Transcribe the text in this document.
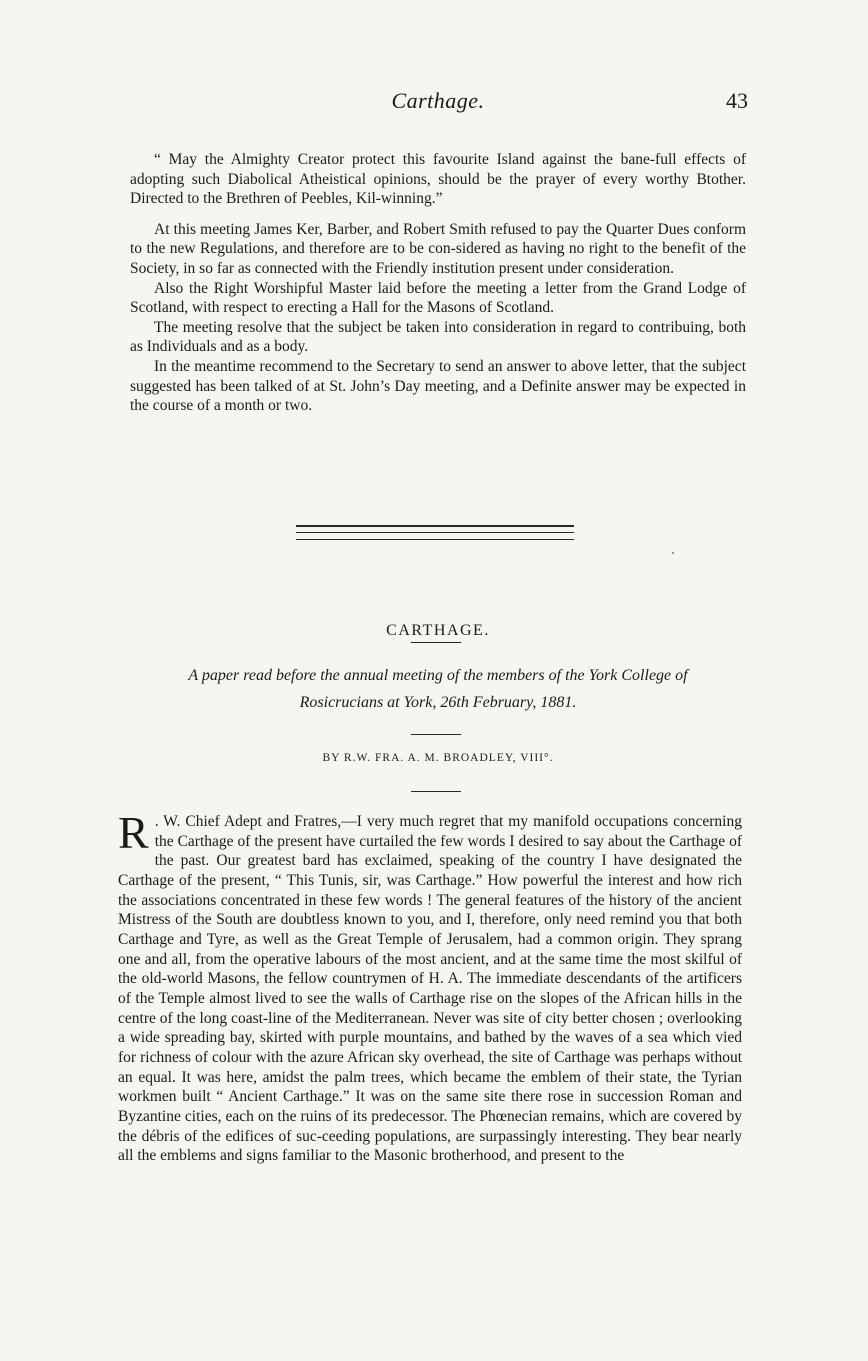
Carthage.	43

“ May the Almighty Creator protect this favourite Island against the bane-full effects of adopting such Diabolical Atheistical opinions, should be the prayer of every worthy Btother. Directed to the Brethren of Peebles, Kil-winning.”

At this meeting James Ker, Barber, and Robert Smith refused to pay the Quarter Dues conform to the new Regulations, and therefore are to be con-sidered as having no right to the benefit of the Society, in so far as connected with the Friendly institution present under consideration.

Also the Right Worshipful Master laid before the meeting a letter from the Grand Lodge of Scotland, with respect to erecting a Hall for the Masons of Scotland.

The meeting resolve that the subject be taken into consideration in regard to contribuing, both as Individuals and as a body.

In the meantime recommend to the Secretary to send an answer to above letter, that the subject suggested has been talked of at St. John’s Day meeting, and a Definite answer may be expected in the course of a month or two.

CARTHAGE.
A paper read before the annual meeting of the members of the York College of
Rosicrucians at York, 26th February, 1881.
BY R.W. FRA. A. M. BROADLEY, VIII°.
R . W. Chief Adept and Fratres,—I very much regret that my manifold occupations concerning the Carthage of the present have curtailed the few words I desired to say about the Carthage of the past. Our greatest bard has exclaimed, speaking of the country I have designated the Carthage of the present, “ This Tunis, sir, was Carthage.” How powerful the interest and how rich the associations concentrated in these few words ! The general features of the history of the ancient Mistress of the South are doubtless known to you, and I, therefore, only need remind you that both Carthage and Tyre, as well as the Great Temple of Jerusalem, had a common origin. They sprang one and all, from the operative labours of the most ancient, and at the same time the most skilful of the old-world Masons, the fellow countrymen of H. A. The immediate descendants of the artificers of the Temple almost lived to see the walls of Carthage rise on the slopes of the African hills in the centre of the long coast-line of the Mediterranean. Never was site of city better chosen ; overlooking a wide spreading bay, skirted with purple mountains, and bathed by the waves of a sea which vied for richness of colour with the azure African sky overhead, the site of Carthage was perhaps without an equal. It was here, amidst the palm trees, which became the emblem of their state, the Tyrian workmen built “ Ancient Carthage.” It was on the same site there rose in succession Roman and Byzantine cities, each on the ruins of its predecessor. The Phœnecian remains, which are covered by the débris of the edifices of suc-ceeding populations, are surpassingly interesting. They bear nearly all the emblems and signs familiar to the Masonic brotherhood, and present to the
